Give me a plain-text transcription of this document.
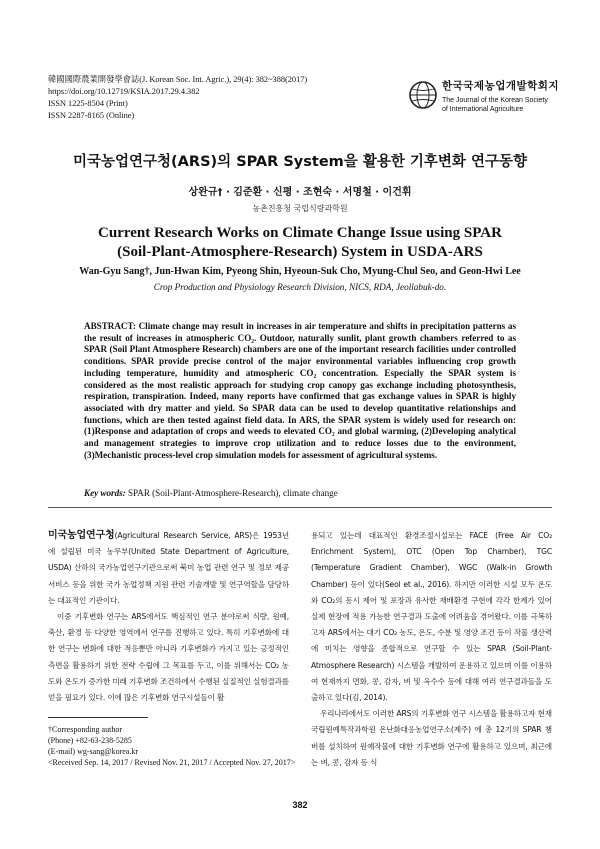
韓國國際農業開發學會誌(J. Korean Soc. Int. Agric.), 29(4): 382~388(2017)
https://doi.org/10.12719/KSIA.2017.29.4.382
ISSN 1225-8504 (Print)
ISSN 2287-8165 (Online)
한국국제농업개발학회지
The Journal of the Korean Society
of International Agriculture
미국농업연구청(ARS)의 SPAR System을 활용한 기후변화 연구동향
상완규† · 김준환 · 신평 · 조현숙 · 서명철 · 이건휘
농촌진흥청 국립식량과학원
Current Research Works on Climate Change Issue using SPAR
(Soil-Plant-Atmosphere-Research) System in USDA-ARS
Wan-Gyu Sang†, Jun-Hwan Kim, Pyeong Shin, Hyeoun-Suk Cho, Myung-Chul Seo, and Geon-Hwi Lee
Crop Production and Physiology Research Division, NICS, RDA, Jeollabuk-do.
ABSTRACT: Climate change may result in increases in air temperature and shifts in precipitation patterns as the result of increases in atmospheric CO₂. Outdoor, naturally sunlit, plant growth chambers referred to as SPAR (Soil Plant Atmosphere Research) chambers are one of the important research facilities under controlled conditions. SPAR provide precise control of the major environmental variables influencing crop growth including temperature, humidity and atmospheric CO₂ concentration. Especially the SPAR system is considered as the most realistic approach for studying crop canopy gas exchange including photosynthesis, respiration, transpiration. Indeed, many reports have confirmed that gas exchange values in SPAR is highly associated with dry matter and yield. So SPAR data can be used to develop quantitative relationships and functions, which are then tested against field data. In ARS, the SPAR system is widely used for research on: (1)Response and adaptation of crops and weeds to elevated CO₂ and global warming, (2)Developing analytical and management strategies to improve crop utilization and to reduce losses due to the environment, (3)Mechanistic process-level crop simulation models for assessment of agricultural systems.
Key words: SPAR (Soil-Plant-Atmosphere-Research), climate change

미국농업연구청(Agricultural Research Service, ARS)은 1953년에 설립된 미국 농무부(United State Department of Agriculture, USDA) 산하의 국가농업연구기관으로써 북미 농업 관련 연구 및 정보 제공 서비스 등을 위한 국가 농업정책 지원 관련 기술개발 및 연구역할을 담당하는 대표적인 기관이다.

이중 기후변화 연구는 ARS에서도 핵심적인 연구 분야로써 식량, 원예, 축산, 환경 등 다양한 영역에서 연구를 진행하고 있다. 특히 기후변화에 대한 연구는 변화에 대한 적응뿐만 아니라 기후변화가 가지고 있는 긍정적인 측면을 활용하기 위한 전략 수립에 그 목표를 두고, 이를 위해서는 CO₂ 농도와 온도가 증가한 미래 기후변화 조건하에서 수행된 실질적인 실험결과를 얻을 필요가 있다. 이에 많은 기후변화 연구시설들이 활

용되고 있는데 대표적인 환경조절시설로는 FACE (Free Air CO₂ Enrichment System), OTC (Open Top Chamber), TGC (Temperature Gradient Chamber), WGC (Walk-in Growth Chamber) 등이 있다(Seol et al., 2016). 하지만 이러한 시설 모두 온도와 CO₂의 동시 제어 및 포장과 유사한 재배환경 구현에 각각 한계가 있어 실제 현장에 적용 가능한 연구결과 도출에 어려움을 겪어왔다. 이를 극복하고자 ARS에서는 대기 CO₂ 농도, 온도, 수분 및 영양 조건 등이 작물 생산력에 미치는 영향을 종합적으로 연구할 수 있는 SPAR (Soil-Plant-Atmosphere Research) 시스템을 개발하여 운용하고 있으며 이를 이용하여 현재까지 면화, 콩, 감자, 벼 및 옥수수 등에 대해 여러 연구결과들을 도출하고 있다(김, 2014).

우리나라에서도 이러한 ARS의 기후변화 연구 시스템을 활용하고자 현재 국립원예특작과학원 온난화대응농업연구소(제주) 에 총 12기의 SPAR 챔버를 설치하여 원예작물에 대한 기후변화 연구에 활용하고 있으며, 최근에는 벼, 콩, 감자 등 식

†Corresponding author
(Phone) +82-63-238-5285
(E-mail) wg-sang@korea.kr
<Received Sep. 14, 2017 / Revised Nov. 21, 2017 / Accepted Nov. 27, 2017>
382
